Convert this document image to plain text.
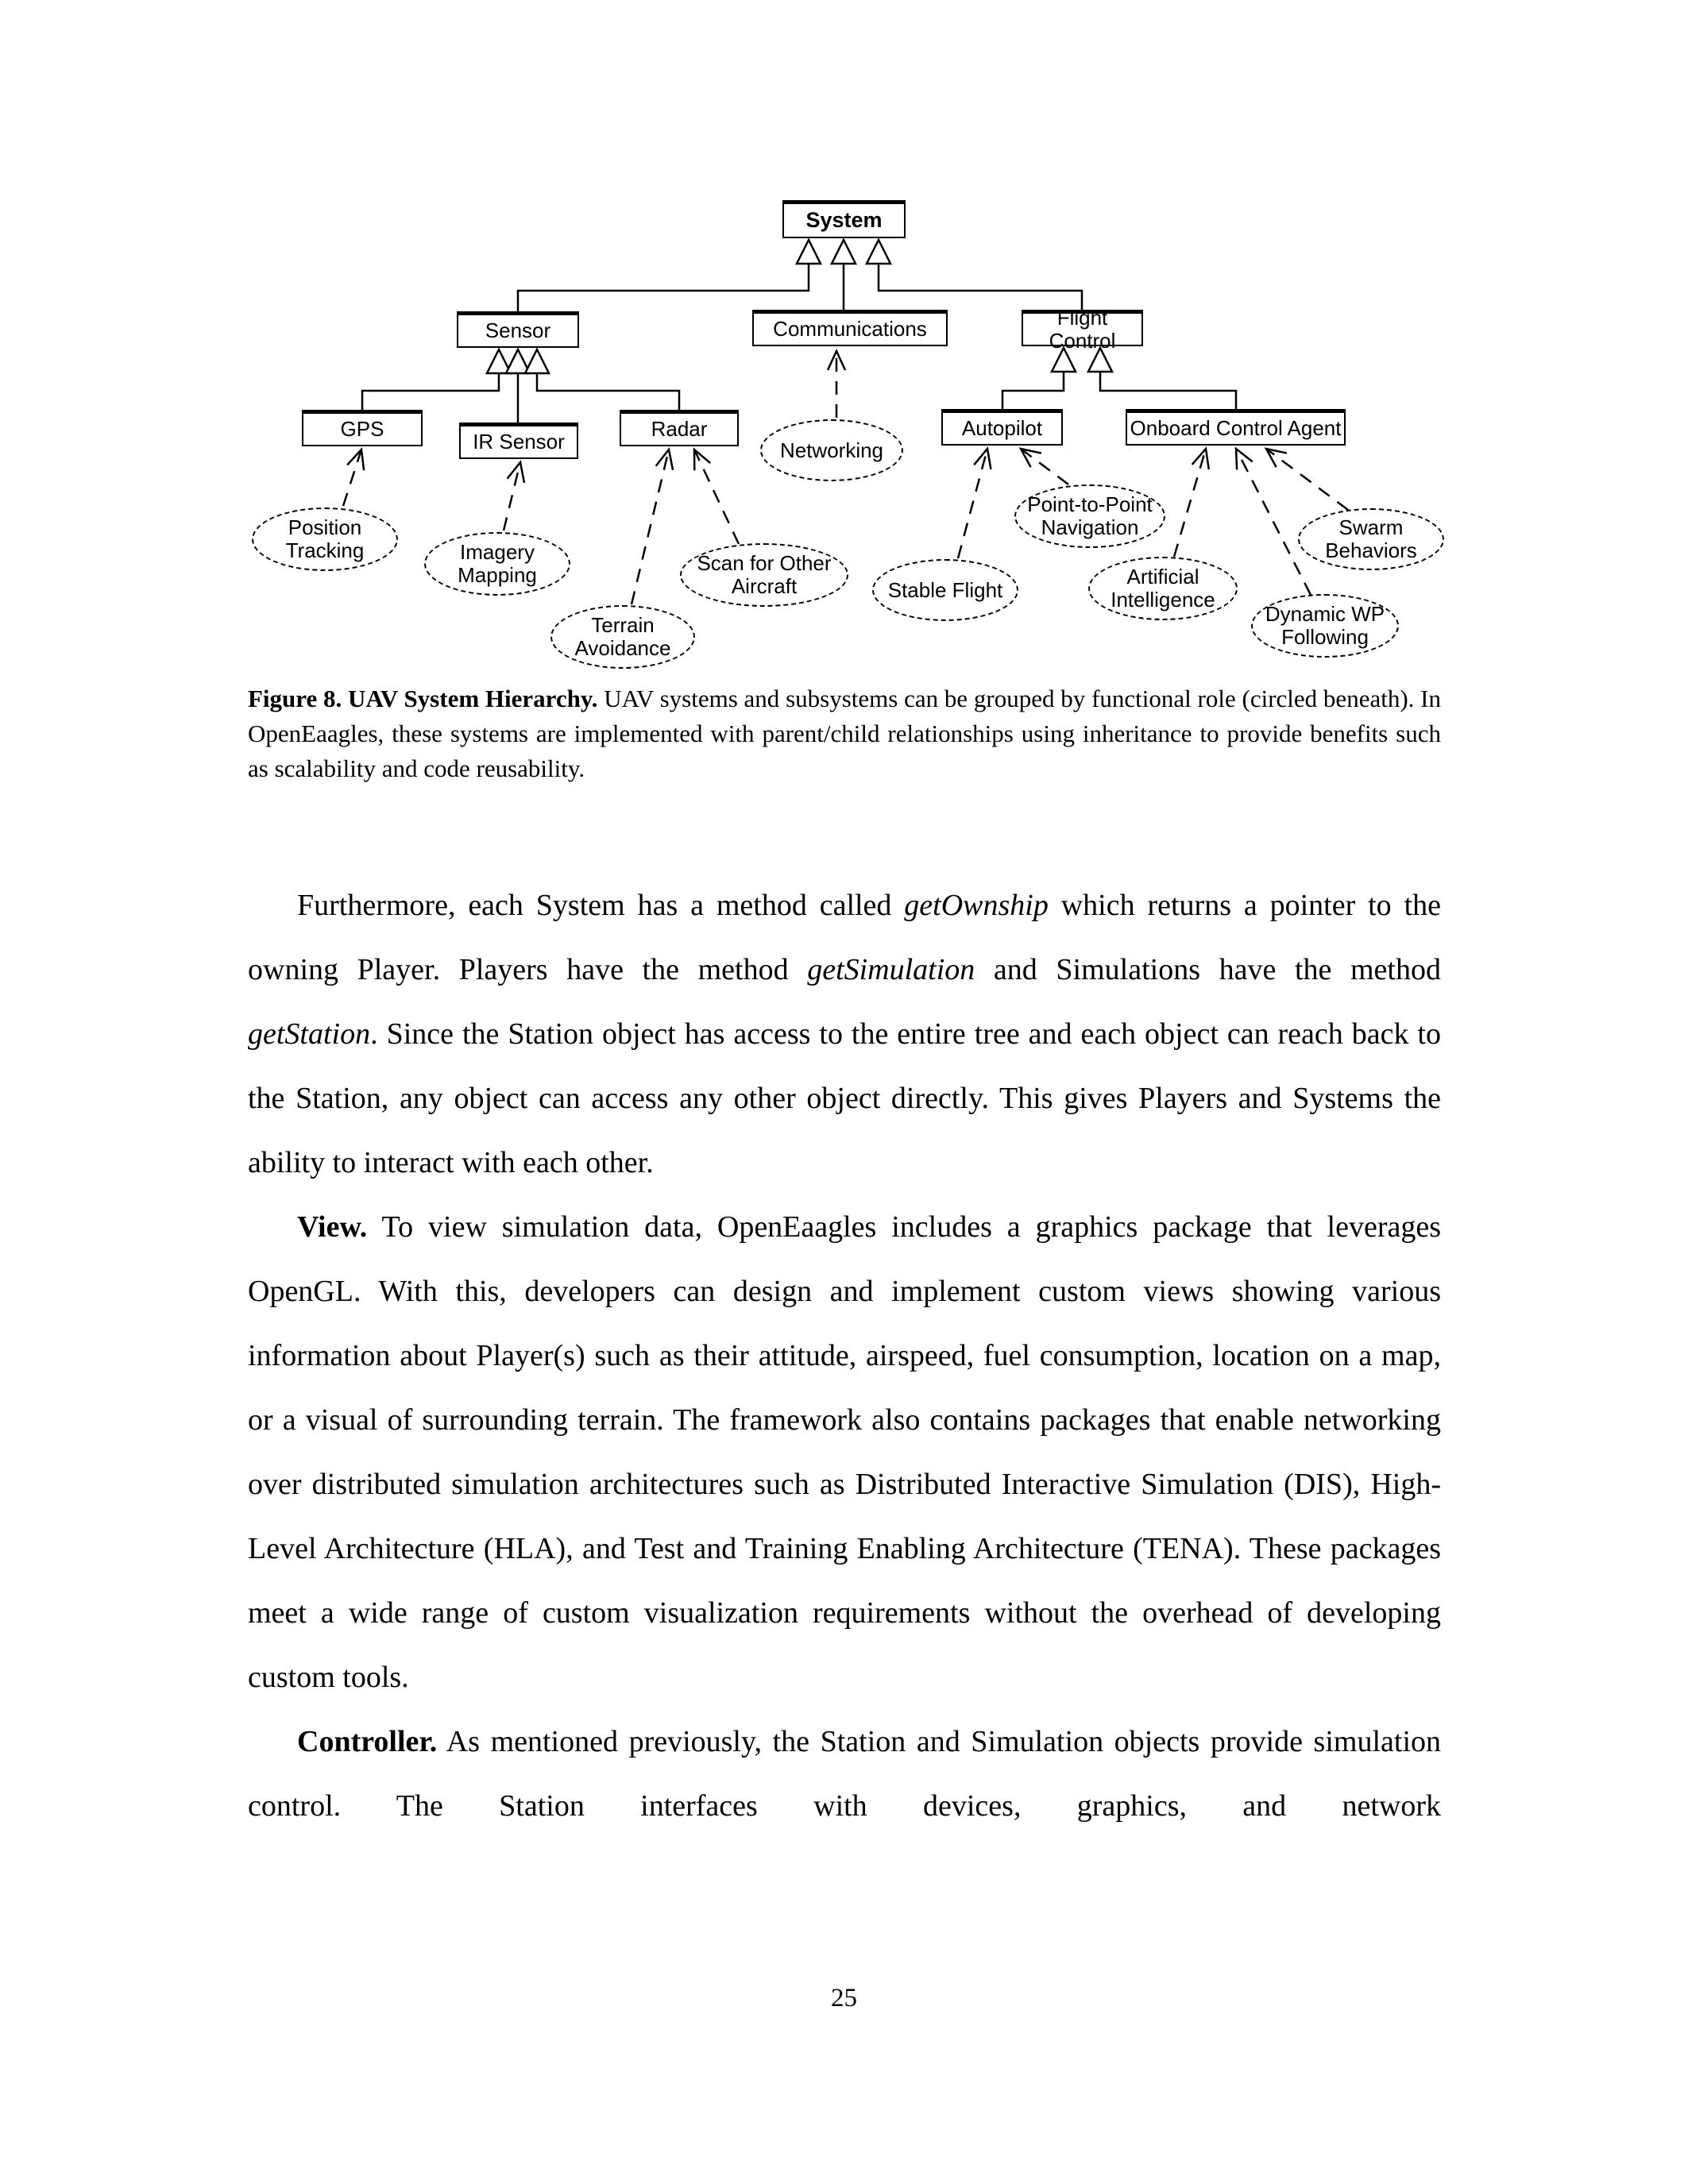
System
Sensor	Communications	Flight Control
GPS
IR Sensor
Radar	Autopilot	Onboard Control Agent
Networking
Position
Tracking	Imagery
Mapping
Terrain
Avoidance
Scan for Other
Aircraft	Stable Flight
Point-to-Point
Navigation
Artificial
Intelligence
Dynamic WP
Following
Swarm
Behaviors
Figure 8. UAV System Hierarchy. UAV systems and subsystems can be grouped by functional role (circled beneath). In OpenEaagles, these systems are implemented with parent/child relationships using inheritance to provide benefits such as scalability and code reusability.

Furthermore, each System has a method called getOwnship which returns a pointer to the owning Player. Players have the method getSimulation and Simulations have the method getStation. Since the Station object has access to the entire tree and each object can reach back to the Station, any object can access any other object directly. This gives Players and Systems the ability to interact with each other.

View. To view simulation data, OpenEaagles includes a graphics package that leverages OpenGL. With this, developers can design and implement custom views showing various information about Player(s) such as their attitude, airspeed, fuel consumption, location on a map, or a visual of surrounding terrain. The framework also contains packages that enable networking over distributed simulation architectures such as Distributed Interactive Simulation (DIS), High-Level Architecture (HLA), and Test and Training Enabling Architecture (TENA). These packages meet a wide range of custom visualization requirements without the overhead of developing custom tools.

Controller. As mentioned previously, the Station and Simulation objects provide simulation control. The Station interfaces with devices, graphics, and network

25
